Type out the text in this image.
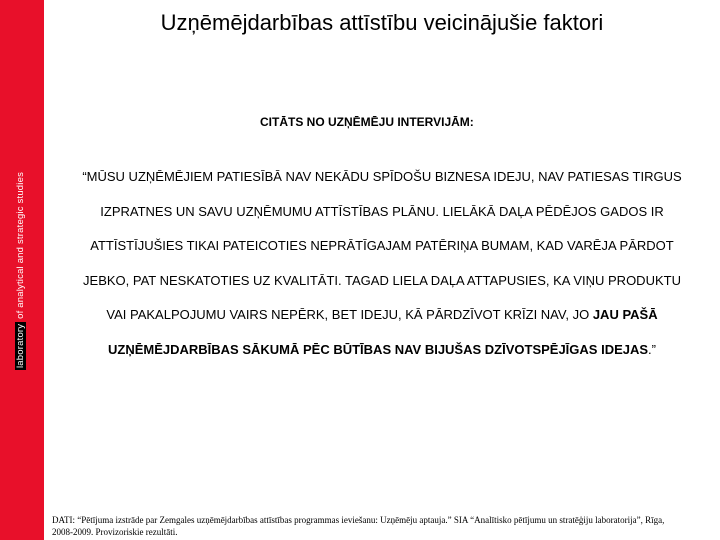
laboratory of analytical and strategic studies
Uzņēmējdarbības attīstību veicinājušie faktori
CITĀTS NO UZŅĒMĒJU INTERVIJĀM:

“MŪSU UZŅĒMĒJIEM PATIESĪBĀ NAV NEKĀDU SPĪDOŠU BIZNESA IDEJU, NAV PATIESAS TIRGUS
IZPRATNES UN SAVU UZŅĒMUMU ATTĪSTĪBAS PLĀNU. LIELĀKĀ DAĻA PĒDĒJOS GADOS IR
ATTĪSTĪJUŠIES TIKAI PATEICOTIES NEPRĀTĪGAJAM PATĒRIŅA BUMAM, KAD VARĒJA PĀRDOT
JEBKO, PAT NESKATOTIES UZ KVALITĀTI. TAGAD LIELA DAĻA ATTAPUSIES, KA VIŅU PRODUKTU
VAI PAKALPOJUMU VAIRS NEPĒRK, BET IDEJU, KĀ PĀRDZĪVOT KRĪZI NAV, JO JAU PAŠĀ
UZŅĒMĒJDARBĪBAS SĀKUMĀ PĒC BŪTĪBAS NAV BIJUŠAS DZĪVOTSPĒJĪGAS IDEJAS.”

DATI: “Pētījuma izstrāde par Zemgales uzņēmējdarbības attīstības programmas ieviešanu: Uzņēmēju aptauja.” SIA “Analītisko pētījumu un stratēģiju laboratorija”, Rīga, 2008-2009. Provizoriskie rezultāti.
